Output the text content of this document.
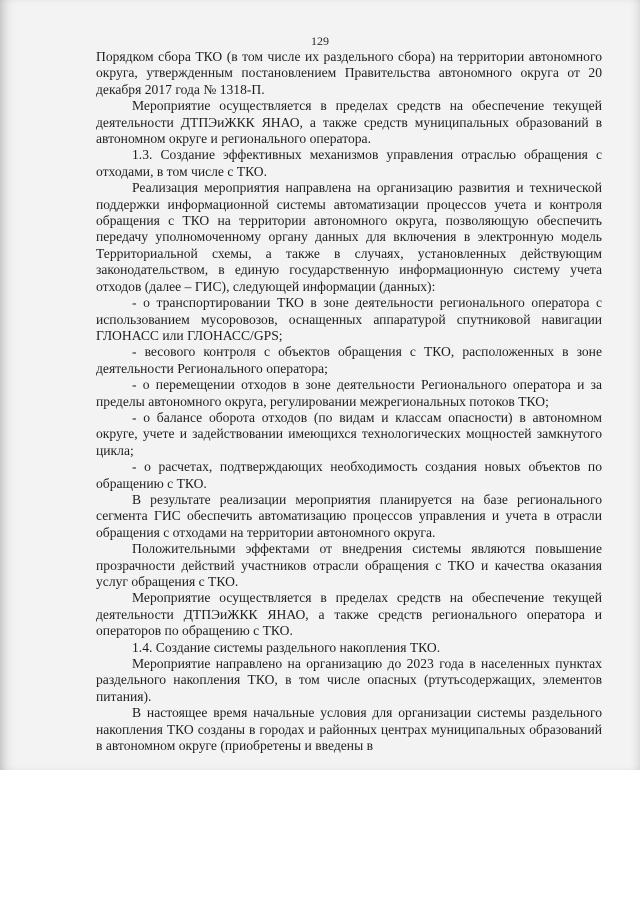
129

Порядком сбора ТКО (в том числе их раздельного сбора) на территории автономного округа, утвержденным постановлением Правительства автономного округа от 20 декабря 2017 года № 1318-П.

Мероприятие осуществляется в пределах средств на обеспечение текущей деятельности ДТПЭиЖКК ЯНАО, а также средств муниципальных образований в автономном округе и регионального оператора.

1.3. Создание эффективных механизмов управления отраслью обращения с отходами, в том числе с ТКО.

Реализация мероприятия направлена на организацию развития и технической поддержки информационной системы автоматизации процессов учета и контроля обращения с ТКО на территории автономного округа, позволяющую обеспечить передачу уполномоченному органу данных для включения в электронную модель Территориальной схемы, а также в случаях, установленных действующим законодательством, в единую государственную информационную систему учета отходов (далее – ГИС), следующей информации (данных):

- о транспортировании ТКО в зоне деятельности регионального оператора с использованием мусоровозов, оснащенных аппаратурой спутниковой навигации ГЛОНАСС или ГЛОНАСС/GPS;

- весового контроля с объектов обращения с ТКО, расположенных в зоне деятельности Регионального оператора;

- о перемещении отходов в зоне деятельности Регионального оператора и за пределы автономного округа, регулировании межрегиональных потоков ТКО;

- о балансе оборота отходов (по видам и классам опасности) в автономном округе, учете и задействовании имеющихся технологических мощностей замкнутого цикла;

- о расчетах, подтверждающих необходимость создания новых объектов по обращению с ТКО.

В результате реализации мероприятия планируется на базе регионального сегмента ГИС обеспечить автоматизацию процессов управления и учета в отрасли обращения с отходами на территории автономного округа.

Положительными эффектами от внедрения системы являются повышение прозрачности действий участников отрасли обращения с ТКО и качества оказания услуг обращения с ТКО.

Мероприятие осуществляется в пределах средств на обеспечение текущей деятельности ДТПЭиЖКК ЯНАО, а также средств регионального оператора и операторов по обращению с ТКО.

1.4. Создание системы раздельного накопления ТКО.

Мероприятие направлено на организацию до 2023 года в населенных пунктах раздельного накопления ТКО, в том числе опасных (ртутьсодержащих, элементов питания).

В настоящее время начальные условия для организации системы раздельного накопления ТКО созданы в городах и районных центрах муниципальных образований в автономном округе (приобретены и введены в
